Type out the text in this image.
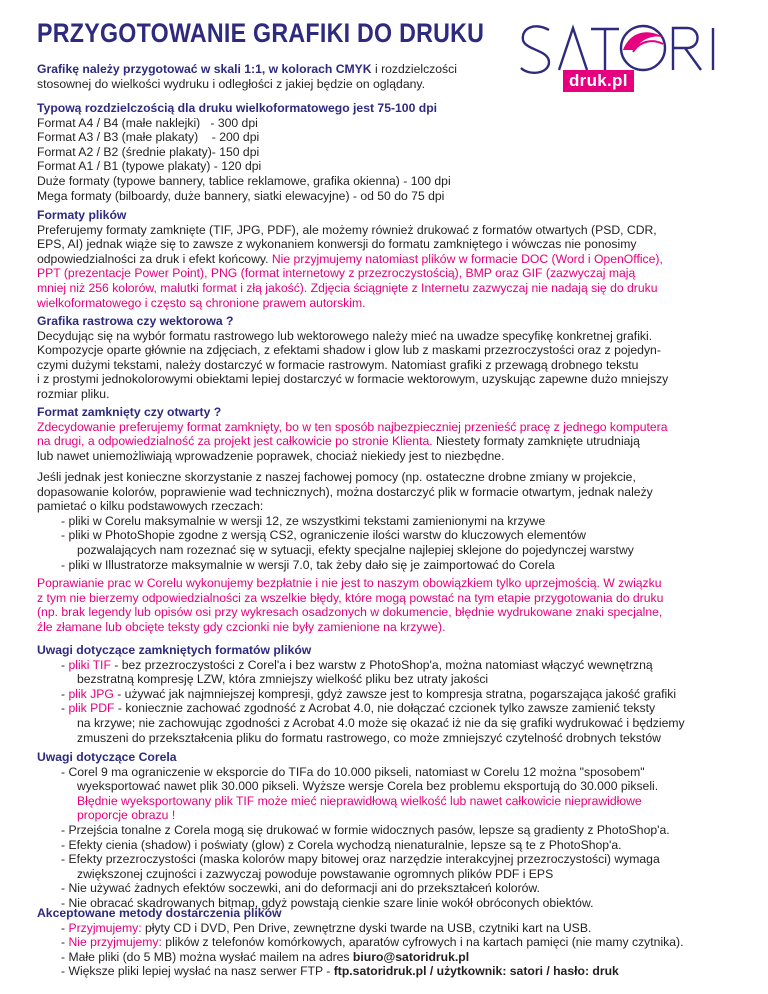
PRZYGOTOWANIE GRAFIKI DO DRUKU
druk.pl

Grafikę należy przygotować w skali 1:1, w kolorach CMYK i rozdzielczości

stosownej do wielkości wydruku i odległości z jakiej będzie on oglądany.

Typową rozdzielczością dla druku wielkoformatowego jest 75-100 dpi

Format A4 / B4 (małe naklejki)   - 300 dpi

Format A3 / B3 (małe plakaty)    - 200 dpi

Format A2 / B2 (średnie plakaty)- 150 dpi

Format A1 / B1 (typowe plakaty) - 120 dpi

Duże formaty (typowe bannery, tablice reklamowe, grafika okienna) - 100 dpi

Mega formaty (bilboardy, duże bannery, siatki elewacyjne) - od 50 do 75 dpi

Formaty plików

Preferujemy formaty zamknięte (TIF, JPG, PDF), ale możemy również drukować z formatów otwartych (PSD, CDR,

EPS, AI) jednak wiąże się to zawsze z wykonaniem konwersji do formatu zamkniętego i wówczas nie ponosimy

odpowiedzialności za druk i efekt końcowy. Nie przyjmujemy natomiast plików w formacie DOC (Word i OpenOffice),

PPT (prezentacje Power Point), PNG (format internetowy z przezroczystością), BMP oraz GIF (zazwyczaj mają

mniej niż 256 kolorów, malutki format i złą jakość). Zdjęcia ściągnięte z Internetu zazwyczaj nie nadają się do druku

wielkoformatowego i często są chronione prawem autorskim.

Grafika rastrowa czy wektorowa ?

Decydując się na wybór formatu rastrowego lub wektorowego należy mieć na uwadze specyfikę konkretnej grafiki.

Kompozycje oparte głównie na zdjęciach, z efektami shadow i glow lub z maskami przezroczystości oraz z pojedyn-

czymi dużymi tekstami, należy dostarczyć w formacie rastrowym. Natomiast grafiki z przewagą drobnego tekstu

i z prostymi jednokolorowymi obiektami lepiej dostarczyć w formacie wektorowym, uzyskując zapewne dużo mniejszy

rozmiar pliku.

Format zamknięty czy otwarty ?

Zdecydowanie preferujemy format zamknięty, bo w ten sposób najbezpieczniej przenieść pracę z jednego komputera

na drugi, a odpowiedzialność za projekt jest całkowicie po stronie Klienta. Niestety formaty zamknięte utrudniają

lub nawet uniemożliwiają wprowadzenie poprawek, chociaż niekiedy jest to niezbędne.

Jeśli jednak jest konieczne skorzystanie z naszej fachowej pomocy (np. ostateczne drobne zmiany w projekcie,

dopasowanie kolorów, poprawienie wad technicznych), można dostarczyć plik w formacie otwartym, jednak należy

pamietać o kilku podstawowych rzeczach:

- pliki w Corelu maksymalnie w wersji 12, ze wszystkimi tekstami zamienionymi na krzywe

- pliki w PhotoShopie zgodne z wersją CS2, ograniczenie ilości warstw do kluczowych elementów

pozwalających nam rozeznać się w sytuacji, efekty specjalne najlepiej sklejone do pojedynczej warstwy

- pliki w Illustratorze maksymalnie w wersji 7.0, tak żeby dało się je zaimportować do Corela

Poprawianie prac w Corelu wykonujemy bezpłatnie i nie jest to naszym obowiązkiem tylko uprzejmością. W związku

z tym nie bierzemy odpowiedzialności za wszelkie błędy, które mogą powstać na tym etapie przygotowania do druku

(np. brak legendy lub opisów osi przy wykresach osadzonych w dokumencie, błędnie wydrukowane znaki specjalne,

źle złamane lub obcięte teksty gdy czcionki nie były zamienione na krzywe).

Uwagi dotyczące zamkniętych formatów plików

- pliki TIF - bez przezroczystości z Corel'a i bez warstw z PhotoShop'a, można natomiast włączyć wewnętrzną

bezstratną kompresję LZW, która zmniejszy wielkość pliku bez utraty jakości

- plik JPG - używać jak najmniejszej kompresji, gdyż zawsze jest to kompresja stratna, pogarszająca jakość grafiki

- plik PDF - koniecznie zachować zgodność z Acrobat 4.0, nie dołączać czcionek tylko zawsze zamienić teksty

na krzywe; nie zachowując zgodności z Acrobat 4.0 może się okazać iż nie da się grafiki wydrukować i będziemy

zmuszeni do przekształcenia pliku do formatu rastrowego, co może zmniejszyć czytelność drobnych tekstów

Uwagi dotyczące Corela

- Corel 9 ma ograniczenie w eksporcie do TIFa do 10.000 pikseli, natomiast w Corelu 12 można "sposobem"

wyeksportować nawet plik 30.000 pikseli. Wyższe wersje Corela bez problemu eksportują do 30.000 pikseli.

Błędnie wyeksportowany plik TIF może mieć nieprawidłową wielkość lub nawet całkowicie nieprawidłowe

proporcje obrazu !

- Przejścia tonalne z Corela mogą się drukować w formie widocznych pasów, lepsze są gradienty z PhotoShop'a.

- Efekty cienia (shadow) i poświaty (glow) z Corela wychodzą nienaturalnie, lepsze są te z PhotoShop'a.

- Efekty przezroczystości (maska kolorów mapy bitowej oraz narzędzie interakcyjnej przezroczystości) wymaga

zwiększonej czujności i zazwyczaj powoduje powstawanie ogromnych plików PDF i EPS

- Nie używać żadnych efektów soczewki, ani do deformacji ani do przekształceń kolorów.

- Nie obracać skadrowanych bitmap, gdyż powstają cienkie szare linie wokół obróconych obiektów.

Akceptowane metody dostarczenia plików

- Przyjmujemy: płyty CD i DVD, Pen Drive, zewnętrzne dyski twarde na USB, czytniki kart na USB.

- Nie przyjmujemy: plików z telefonów komórkowych, aparatów cyfrowych i na kartach pamięci (nie mamy czytnika).

- Małe pliki (do 5 MB) można wysłać mailem na adres biuro@satoridruk.pl

- Większe pliki lepiej wysłać na nasz serwer FTP - ftp.satoridruk.pl / użytkownik: satori / hasło: druk
